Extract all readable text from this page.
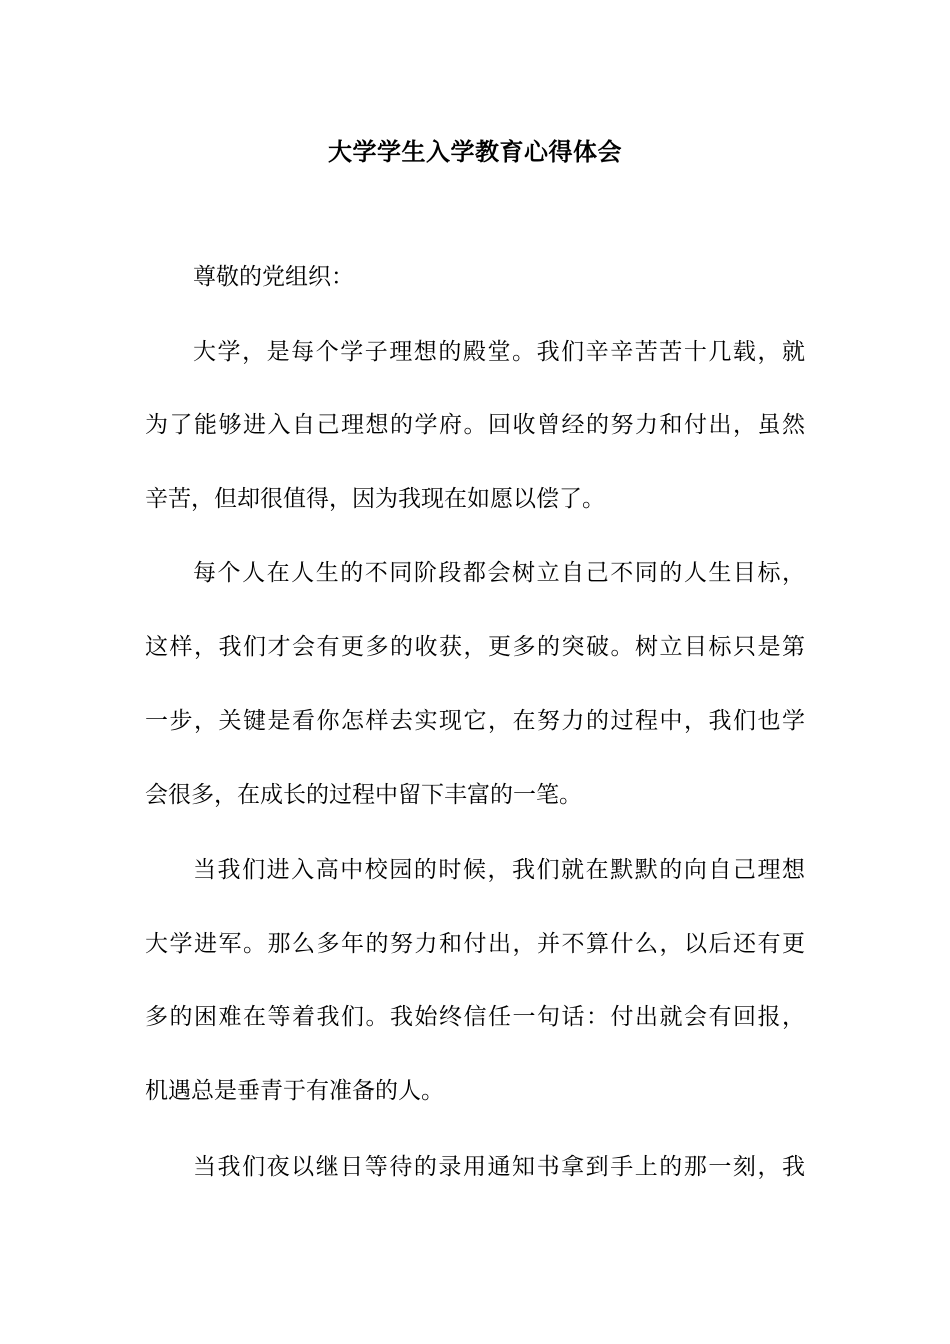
大学学生入学教育心得体会
尊敬的党组织：
大学，是每个学子理想的殿堂。我们辛辛苦苦十几载，就
为了能够进入自己理想的学府。回收曾经的努力和付出，虽然
辛苦，但却很值得，因为我现在如愿以偿了。
每个人在人生的不同阶段都会树立自己不同的人生目标，
这样，我们才会有更多的收获，更多的突破。树立目标只是第
一步，关键是看你怎样去实现它，在努力的过程中，我们也学
会很多，在成长的过程中留下丰富的一笔。
当我们进入高中校园的时候，我们就在默默的向自己理想
大学进军。那么多年的努力和付出，并不算什么，以后还有更
多的困难在等着我们。我始终信任一句话：付出就会有回报，
机遇总是垂青于有准备的人。
当我们夜以继日等待的录用通知书拿到手上的那一刻，我
